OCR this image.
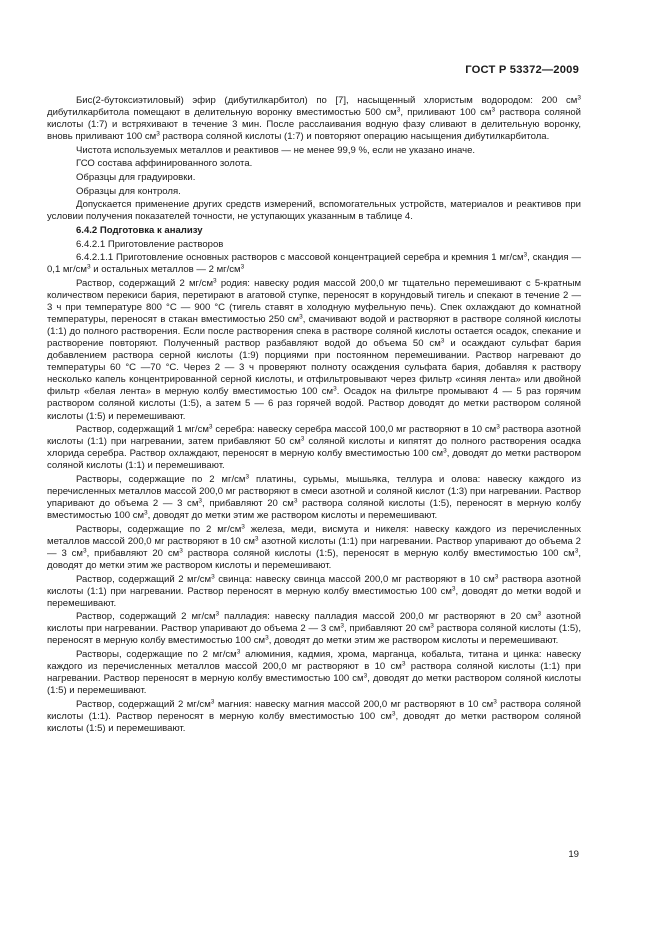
ГОСТ Р 53372—2009

Бис(2-бутоксиэтиловый) эфир (дибутилкарбитол) по [7], насыщенный хлористым водородом: 200 $см^3$ дибутилкарбитола помещают в делительную воронку вместимостью 500 $см^3$, приливают 100 $см^3$ раствора соляной кислоты (1:7) и встряхивают в течение 3 мин. После расслаивания водную фазу сливают в делительную воронку, вновь приливают 100 $см^3$ раствора соляной кислоты (1:7) и повторяют операцию насыщения дибутилкарбитола.

Чистота используемых металлов и реактивов — не менее 99,9 %, если не указано иначе.

ГСО состава аффинированного золота.

Образцы для градуировки.

Образцы для контроля.

Допускается применение других средств измерений, вспомогательных устройств, материалов и реактивов при условии получения показателей точности, не уступающих указанным в таблице 4.

6.4.2 Подготовка к анализу

6.4.2.1 Приготовление растворов

6.4.2.1.1 Приготовление основных растворов с массовой концентрацией серебра и кремния 1 $мг/см^3$, скандия — 0,1 $мг/см^3$ и остальных металлов — 2 $мг/см^3$

Раствор, содержащий 2 $мг/см^3$ родия: навеску родия массой 200,0 мг тщательно перемешивают с 5-кратным количеством перекиси бария, перетирают в агатовой ступке, переносят в корундовый тигель и спекают в течение 2 — 3 ч при температуре 800 °С — 900 °С (тигель ставят в холодную муфельную печь). Спек охлаждают до комнатной температуры, переносят в стакан вместимостью 250 $см^3$, смачивают водой и растворяют в растворе соляной кислоты (1:1) до полного растворения. Если после растворения спека в растворе соляной кислоты остается осадок, спекание и растворение повторяют. Полученный раствор разбавляют водой до объема 50 $см^3$ и осаждают сульфат бария добавлением раствора серной кислоты (1:9) порциями при постоянном перемешивании. Раствор нагревают до температуры 60 °С —70 °С. Через 2 — 3 ч проверяют полноту осаждения сульфата бария, добавляя к раствору несколько капель концентрированной серной кислоты, и отфильтровывают через фильтр «синяя лента» или двойной фильтр «белая лента» в мерную колбу вместимостью 100 $см^3$. Осадок на фильтре промывают 4 — 5 раз горячим раствором соляной кислоты (1:5), а затем 5 — 6 раз горячей водой. Раствор доводят до метки раствором соляной кислоты (1:5) и перемешивают.

Раствор, содержащий 1 $мг/см^3$ серебра: навеску серебра массой 100,0 мг растворяют в 10 $см^3$ раствора азотной кислоты (1:1) при нагревании, затем прибавляют 50 $см^3$ соляной кислоты и кипятят до полного растворения осадка хлорида серебра. Раствор охлаждают, переносят в мерную колбу вместимостью 100 $см^3$, доводят до метки раствором соляной кислоты (1:1) и перемешивают.

Растворы, содержащие по 2 $мг/см^3$ платины, сурьмы, мышьяка, теллура и олова: навеску каждого из перечисленных металлов массой 200,0 мг растворяют в смеси азотной и соляной кислот (1:3) при нагревании. Раствор упаривают до объема 2 — 3 $см^3$, прибавляют 20 $см^3$ раствора соляной кислоты (1:5), переносят в мерную колбу вместимостью 100 $см^3$, доводят до метки этим же раствором кислоты и перемешивают.

Растворы, содержащие по 2 $мг/см^3$ железа, меди, висмута и никеля: навеску каждого из перечисленных металлов массой 200,0 мг растворяют в 10 $см^3$ азотной кислоты (1:1) при нагревании. Раствор упаривают до объема 2 — 3 $см^3$, прибавляют 20 $см^3$ раствора соляной кислоты (1:5), переносят в мерную колбу вместимостью 100 $см^3$, доводят до метки этим же раствором кислоты и перемешивают.

Раствор, содержащий 2 $мг/см^3$ свинца: навеску свинца массой 200,0 мг растворяют в 10 $см^3$ раствора азотной кислоты (1:1) при нагревании. Раствор переносят в мерную колбу вместимостью 100 $см^3$, доводят до метки водой и перемешивают.

Раствор, содержащий 2 $мг/см^3$ палладия: навеску палладия массой 200,0 мг растворяют в 20 $см^3$ азотной кислоты при нагревании. Раствор упаривают до объема 2 — 3 $см^3$, прибавляют 20 $см^3$ раствора соляной кислоты (1:5), переносят в мерную колбу вместимостью 100 $см^3$, доводят до метки этим же раствором кислоты и перемешивают.

Растворы, содержащие по 2 $мг/см^3$ алюминия, кадмия, хрома, марганца, кобальта, титана и цинка: навеску каждого из перечисленных металлов массой 200,0 мг растворяют в 10 $см^3$ раствора соляной кислоты (1:1) при нагревании. Раствор переносят в мерную колбу вместимостью 100 $см^3$, доводят до метки раствором соляной кислоты (1:5) и перемешивают.

Раствор, содержащий 2 $мг/см^3$ магния: навеску магния массой 200,0 мг растворяют в 10 $см^3$ раствора соляной кислоты (1:1). Раствор переносят в мерную колбу вместимостью 100 $см^3$, доводят до метки раствором соляной кислоты (1:5) и перемешивают.

19
